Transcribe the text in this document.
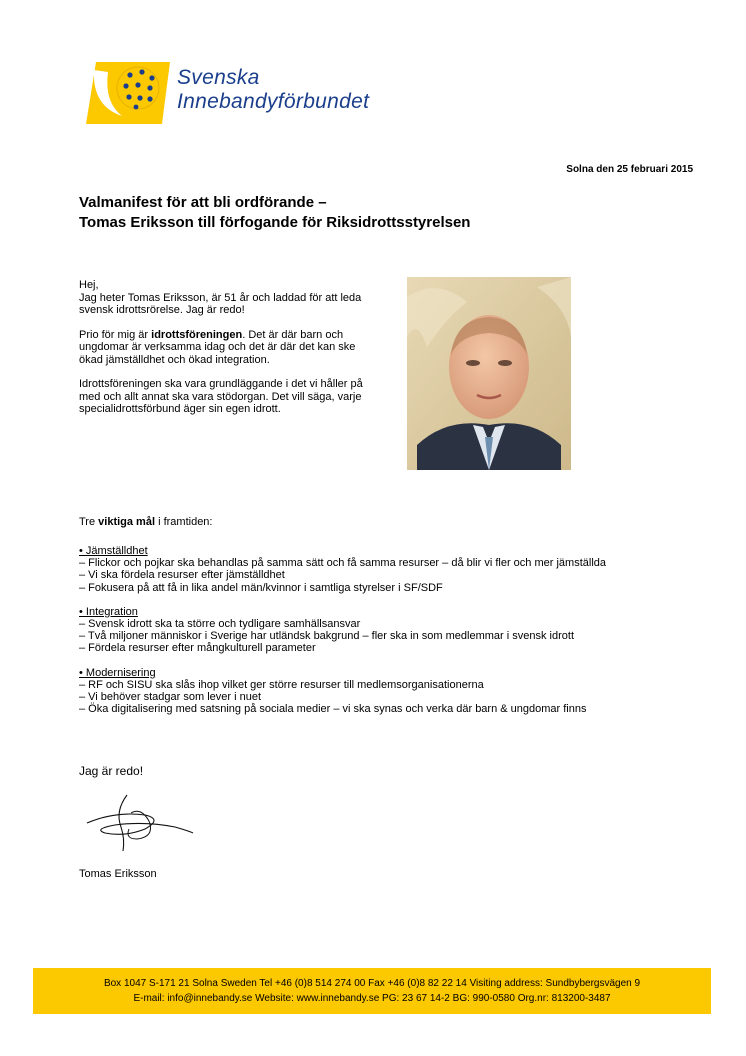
Svenska
Innebandyförbundet
Solna den 25 februari 2015
Valmanifest för att bli ordförande –
Tomas Eriksson till förfogande för Riksidrottsstyrelsen

Hej,
Jag heter Tomas Eriksson, är 51 år och laddad för att leda svensk idrottsrörelse. Jag är redo!

Prio för mig är idrottsföreningen. Det är där barn och ungdomar är verksamma idag och det är där det kan ske ökad jämställdhet och ökad integration.

Idrottsföreningen ska vara grundläggande i det vi håller på med och allt annat ska vara stödorgan. Det vill säga, varje specialidrottsförbund äger sin egen idrott.

Tre viktiga mål i framtiden:
• Jämställdhet
– Flickor och pojkar ska behandlas på samma sätt och få samma resurser – då blir vi fler och mer jämställda
– Vi ska fördela resurser efter jämställdhet
– Fokusera på att få in lika andel män/kvinnor i samtliga styrelser i SF/SDF
• Integration
– Svensk idrott ska ta större och tydligare samhällsansvar
– Två miljoner människor i Sverige har utländsk bakgrund – fler ska in som medlemmar i svensk idrott
– Fördela resurser efter mångkulturell parameter
• Modernisering
– RF och SISU ska slås ihop vilket ger större resurser till medlemsorganisationerna
– Vi behöver stadgar som lever i nuet
– Öka digitalisering med satsning på sociala medier – vi ska synas och verka där barn & ungdomar finns
Jag är redo!
Tomas Eriksson
Box 1047 S-171 21 Solna Sweden Tel +46 (0)8 514 274 00 Fax +46 (0)8 82 22 14 Visiting address: Sundbybergsvägen 9
E-mail: info@innebandy.se Website: www.innebandy.se PG: 23 67 14-2 BG: 990-0580 Org.nr: 813200-3487
